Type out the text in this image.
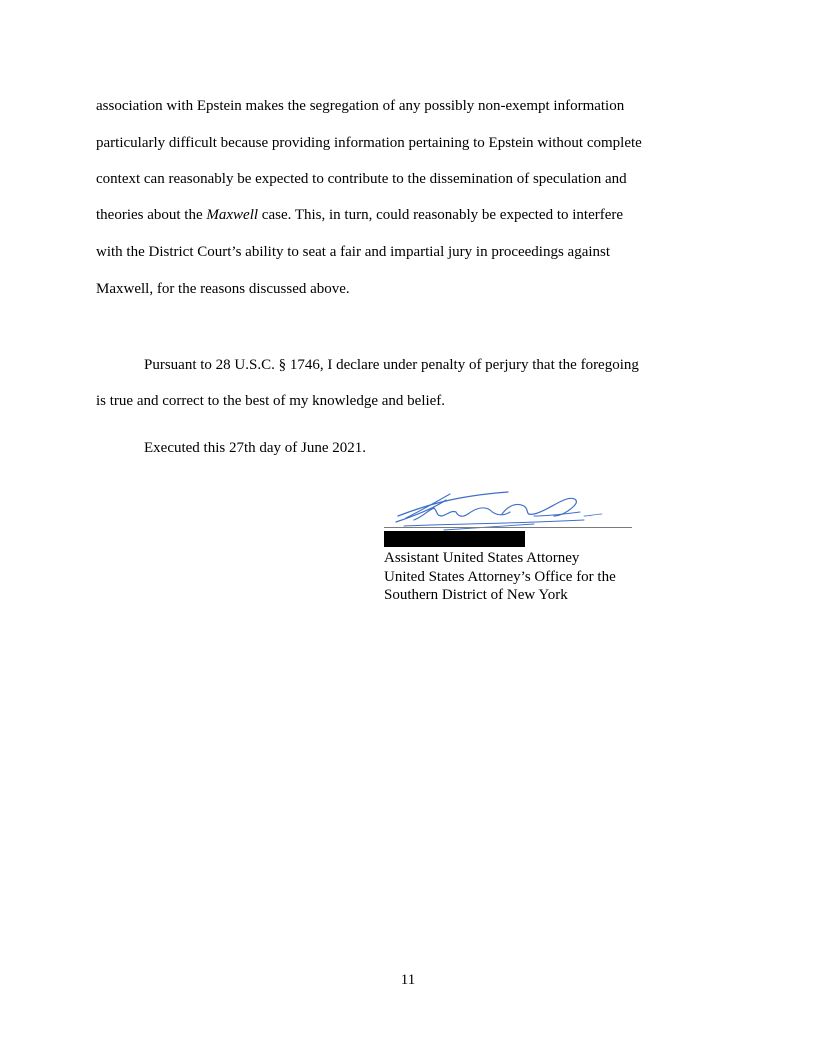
association with Epstein makes the segregation of any possibly non-exempt information
particularly difficult because providing information pertaining to Epstein without complete
context can reasonably be expected to contribute to the dissemination of speculation and
theories about the Maxwell case. This, in turn, could reasonably be expected to interfere
with the District Court’s ability to seat a fair and impartial jury in proceedings against
Maxwell, for the reasons discussed above.
Pursuant to 28 U.S.C. § 1746, I declare under penalty of perjury that the foregoing
is true and correct to the best of my knowledge and belief.
Executed this 27th day of June 2021.
Assistant United States Attorney
United States Attorney’s Office for the
Southern District of New York
11
